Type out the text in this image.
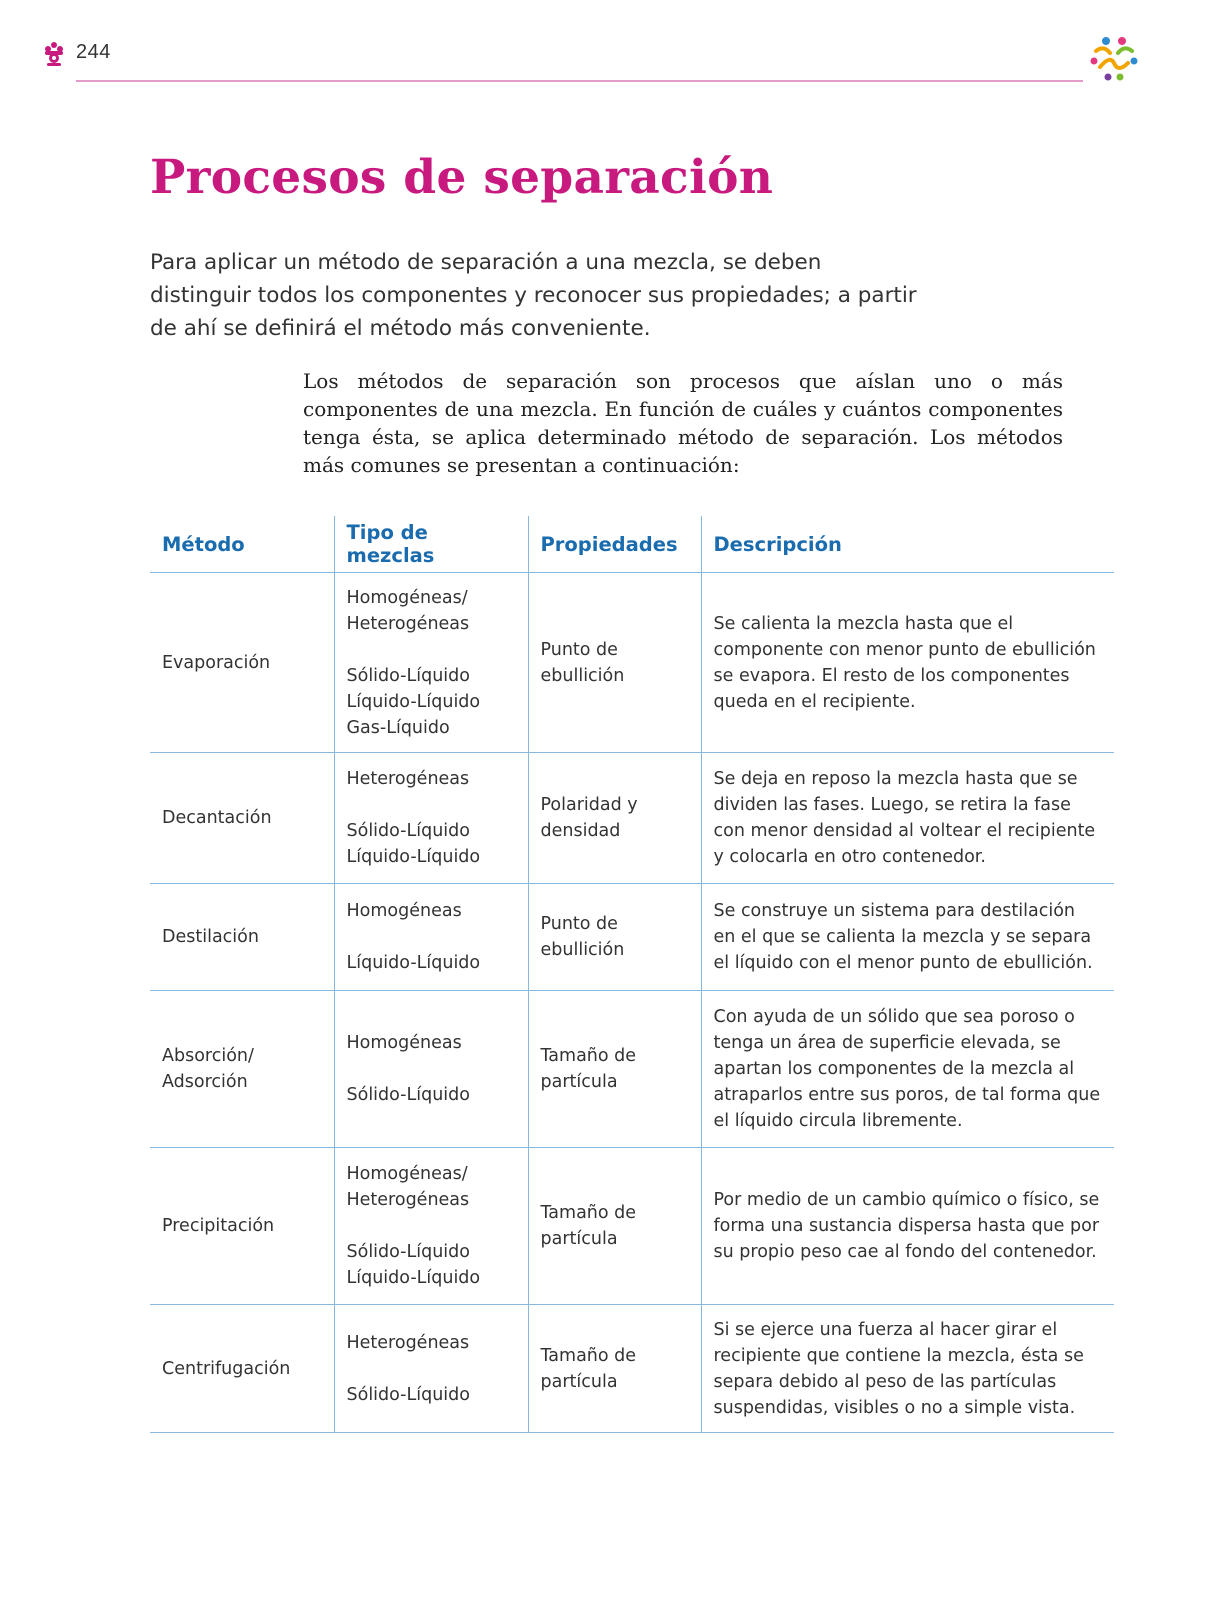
244
Procesos de separación

Para aplicar un método de separación a una mezcla, se deben distinguir todos los componentes y reconocer sus propiedades; a partir de ahí se definirá el método más conveniente.

Los métodos de separación son procesos que aíslan uno o más componentes de una mezcla. En función de cuáles y cuántos componentes tenga ésta, se aplica determinado método de separación. Los métodos más comunes se presentan a continuación:

Método	Tipo de mezclas	Propiedades	Descripción
Evaporación	Homogéneas/ Heterogéneas
Sólido-Líquido
Líquido-Líquido
Gas-Líquido	Punto de ebullición	Se calienta la mezcla hasta que el componente con menor punto de ebullición se evapora. El resto de los componentes queda en el recipiente.
Decantación	Heterogéneas
Sólido-Líquido
Líquido-Líquido	Polaridad y densidad	Se deja en reposo la mezcla hasta que se dividen las fases. Luego, se retira la fase con menor densidad al voltear el recipiente y colocarla en otro contenedor.
Destilación	Homogéneas
Líquido-Líquido	Punto de ebullición	Se construye un sistema para destilación en el que se calienta la mezcla y se separa el líquido con el menor punto de ebullición.
Absorción/ Adsorción	Homogéneas
Sólido-Líquido	Tamaño de partícula	Con ayuda de un sólido que sea poroso o tenga un área de superficie elevada, se apartan los componentes de la mezcla al atraparlos entre sus poros, de tal forma que el líquido circula libremente.
Precipitación	Homogéneas/ Heterogéneas
Sólido-Líquido
Líquido-Líquido	Tamaño de partícula	Por medio de un cambio químico o físico, se forma una sustancia dispersa hasta que por su propio peso cae al fondo del contenedor.
Centrifugación	Heterogéneas
Sólido-Líquido	Tamaño de partícula	Si se ejerce una fuerza al hacer girar el recipiente que contiene la mezcla, ésta se separa debido al peso de las partículas suspendidas, visibles o no a simple vista.
